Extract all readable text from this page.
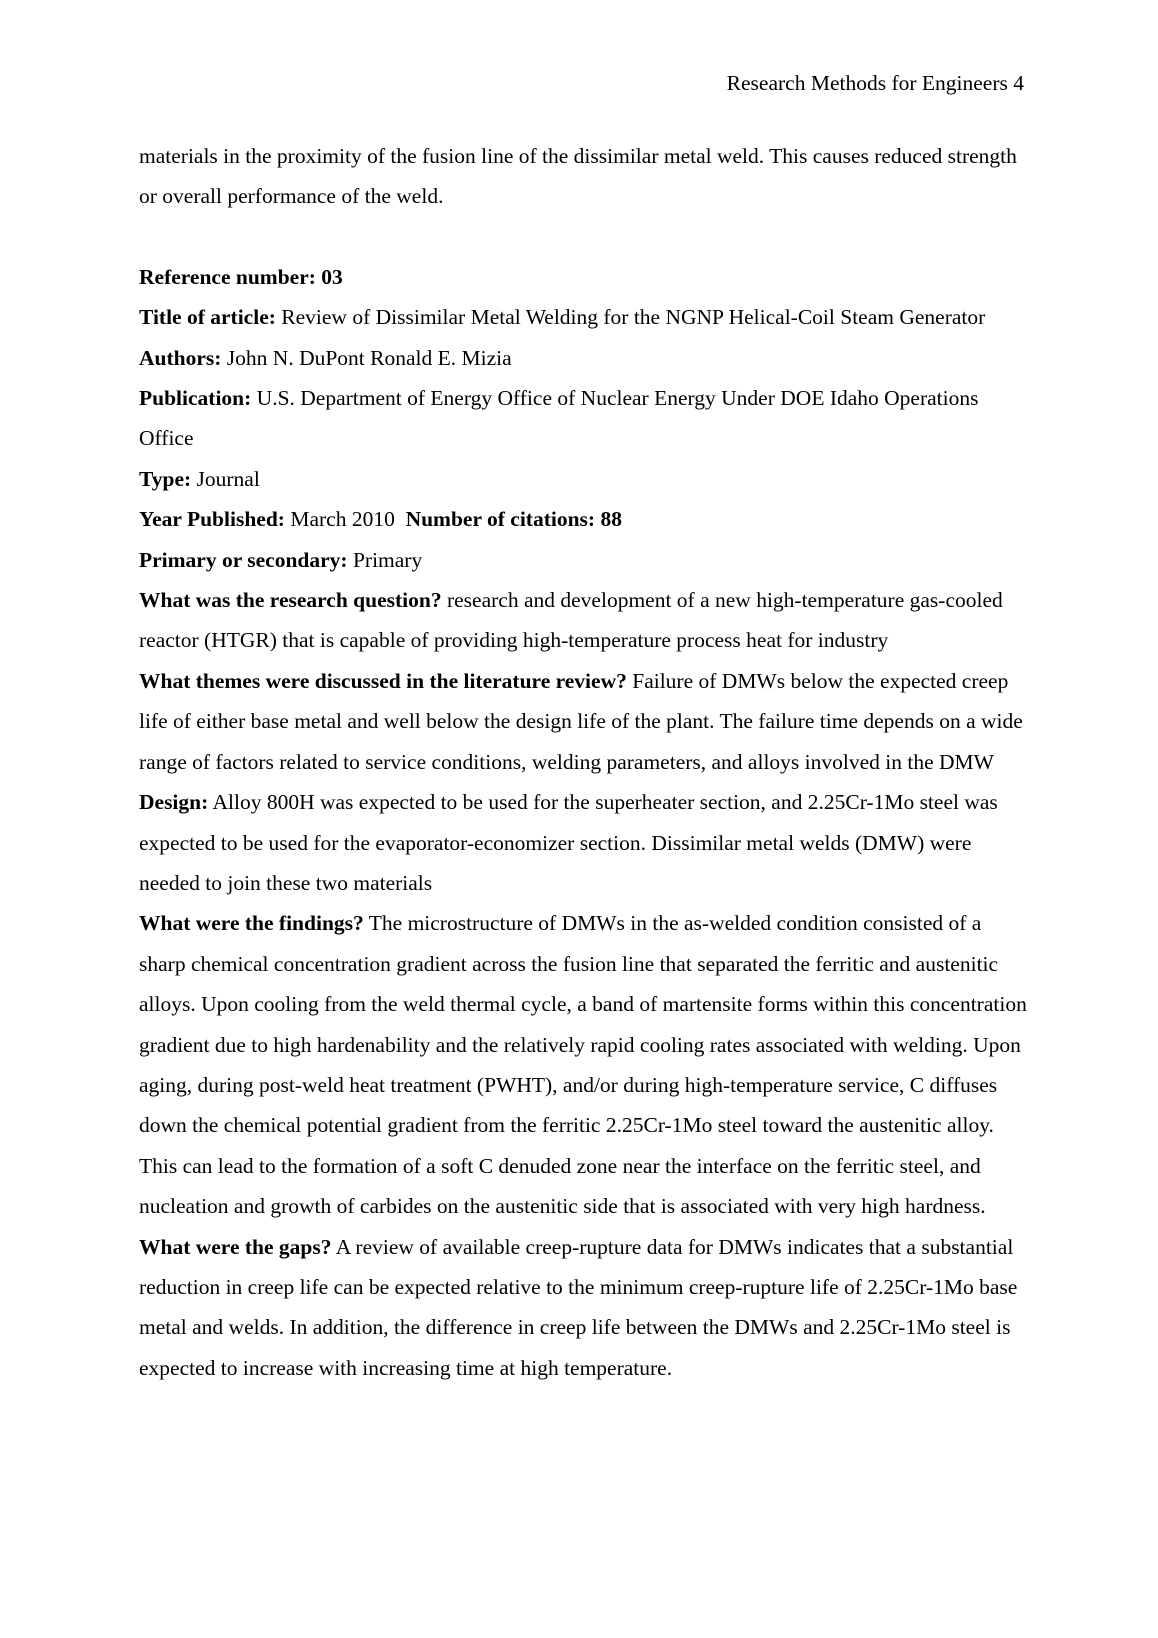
Research Methods for Engineers 4

materials in the proximity of the fusion line of the dissimilar metal weld. This causes reduced strength or overall performance of the weld.

Reference number: 03

Title of article: Review of Dissimilar Metal Welding for the NGNP Helical-Coil Steam Generator

Authors: John N. DuPont Ronald E. Mizia

Publication: U.S. Department of Energy Office of Nuclear Energy Under DOE Idaho Operations Office

Type: Journal

Year Published: March 2010 Number of citations: 88

Primary or secondary: Primary

What was the research question? research and development of a new high-temperature gas-cooled reactor (HTGR) that is capable of providing high-temperature process heat for industry

What themes were discussed in the literature review? Failure of DMWs below the expected creep life of either base metal and well below the design life of the plant. The failure time depends on a wide range of factors related to service conditions, welding parameters, and alloys involved in the DMW

Design: Alloy 800H was expected to be used for the superheater section, and 2.25Cr-1Mo steel was expected to be used for the evaporator-economizer section. Dissimilar metal welds (DMW) were needed to join these two materials

What were the findings? The microstructure of DMWs in the as-welded condition consisted of a sharp chemical concentration gradient across the fusion line that separated the ferritic and austenitic alloys. Upon cooling from the weld thermal cycle, a band of martensite forms within this concentration gradient due to high hardenability and the relatively rapid cooling rates associated with welding. Upon aging, during post-weld heat treatment (PWHT), and/or during high-temperature service, C diffuses down the chemical potential gradient from the ferritic 2.25Cr-1Mo steel toward the austenitic alloy. This can lead to the formation of a soft C denuded zone near the interface on the ferritic steel, and nucleation and growth of carbides on the austenitic side that is associated with very high hardness.

What were the gaps? A review of available creep-rupture data for DMWs indicates that a substantial reduction in creep life can be expected relative to the minimum creep-rupture life of 2.25Cr-1Mo base metal and welds. In addition, the difference in creep life between the DMWs and 2.25Cr-1Mo steel is expected to increase with increasing time at high temperature.
